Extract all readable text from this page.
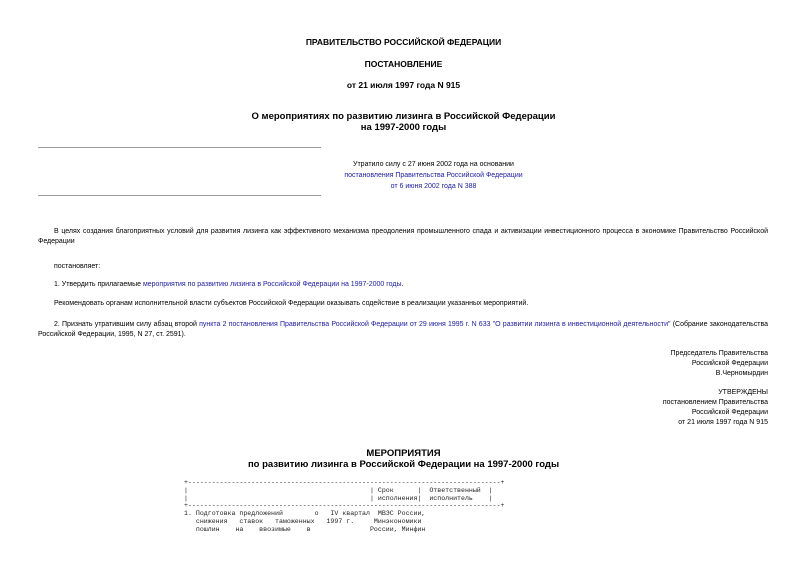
ПРАВИТЕЛЬСТВО РОССИЙСКОЙ ФЕДЕРАЦИИ
ПОСТАНОВЛЕНИЕ
от 21 июля 1997 года N 915
О мероприятиях по развитию лизинга в Российской Федерации
на 1997-2000 годы
Утратило силу с 27 июня 2002 года на основании
постановления Правительства Российской Федерации
от 6 июня 2002 года N 388
В целях создания благоприятных условий для развития лизинга как эффективного механизма преодоления промышленного спада и активизации инвестиционного процесса в экономике Правительство Российской Федерации
постановляет:
1. Утвердить прилагаемые мероприятия по развитию лизинга в Российской Федерации на 1997-2000 годы.
Рекомендовать органам исполнительной власти субъектов Российской Федерации оказывать содействие в реализации указанных мероприятий.
2. Признать утратившим силу абзац второй пункта 2 постановления Правительства Российской Федерации от 29 июня 1995 г. N 633 "О развитии лизинга в инвестиционной деятельности" (Собрание законодательства Российской Федерации, 1995, N 27, ст. 2591).
Председатель Правительства
Российской Федерации
В.Черномырдин
УТВЕРЖДЕНЫ
постановлением Правительства
Российской Федерации
от 21 июля 1997 года N 915
МЕРОПРИЯТИЯ
по развитию лизинга в Российской Федерации на 1997-2000 годы
+-------------------------------------------------------------------------------+
|                                              | Срок      |  Ответственный  |
|                                              | исполнения|  исполнитель    |
+-------------------------------------------------------------------------------+
1. Подготовка предложений        о   IV квартал  МВЭС России,
снижения   ставок   таможенных   1997 г.     Минэкономики
пошлин    на    ввозимые    в               России, Минфин
